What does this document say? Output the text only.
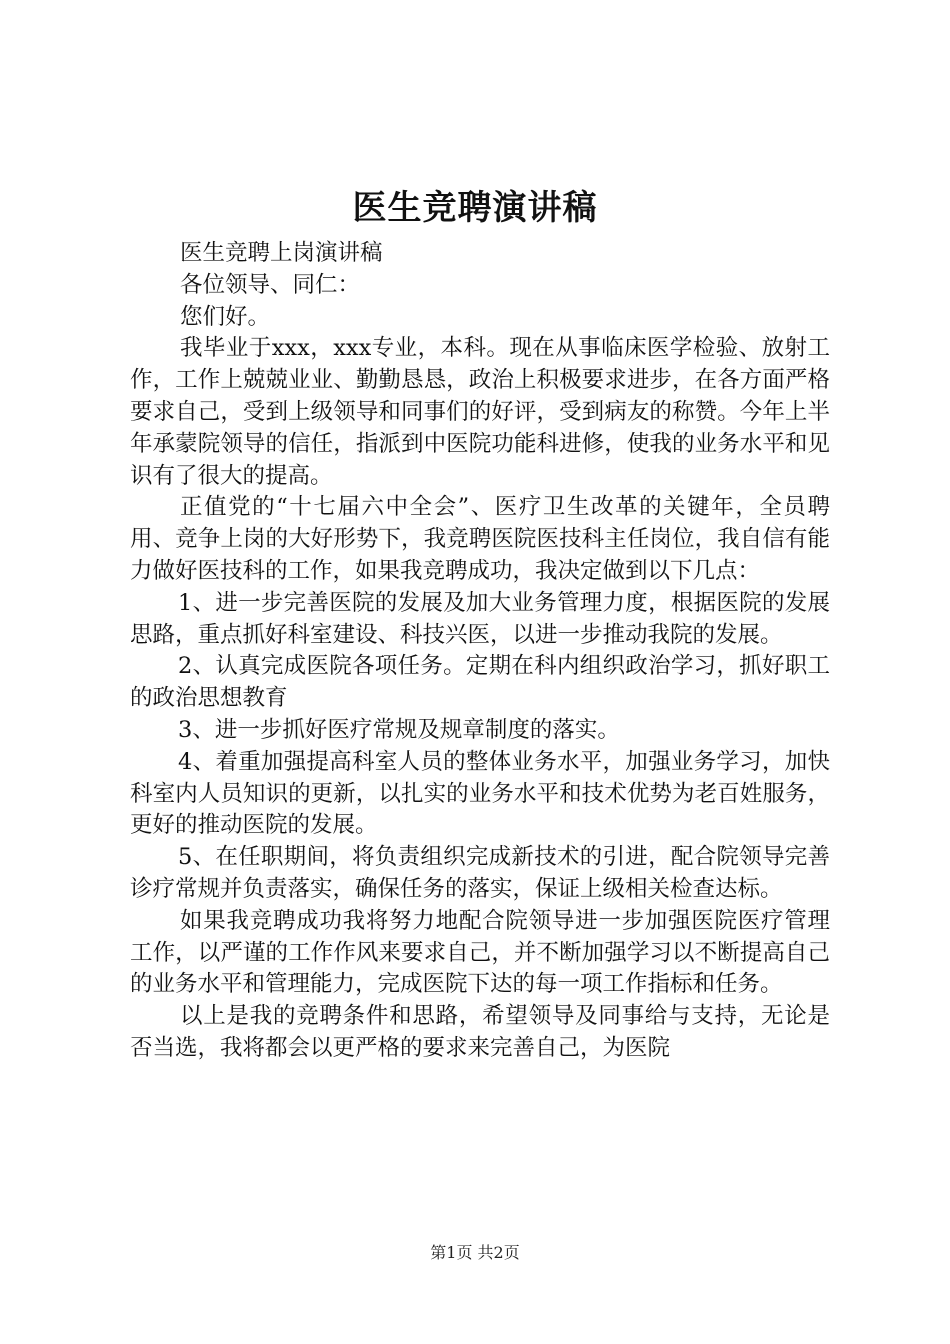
医生竞聘演讲稿

医生竞聘上岗演讲稿

各位领导、同仁：

您们好。

我毕业于xxx，xxx专业，本科。现在从事临床医学检验、放射工作，工作上兢兢业业、勤勤恳恳，政治上积极要求进步，在各方面严格要求自己，受到上级领导和同事们的好评，受到病友的称赞。今年上半年承蒙院领导的信任，指派到中医院功能科进修，使我的业务水平和见识有了很大的提高。

正值党的“十七届六中全会”、医疗卫生改革的关键年，全员聘用、竞争上岗的大好形势下，我竞聘医院医技科主任岗位，我自信有能力做好医技科的工作，如果我竞聘成功，我决定做到以下几点：

1、进一步完善医院的发展及加大业务管理力度，根据医院的发展思路，重点抓好科室建设、科技兴医，以进一步推动我院的发展。

2、认真完成医院各项任务。定期在科内组织政治学习，抓好职工的政治思想教育

3、进一步抓好医疗常规及规章制度的落实。

4、着重加强提高科室人员的整体业务水平，加强业务学习，加快科室内人员知识的更新，以扎实的业务水平和技术优势为老百姓服务，更好的推动医院的发展。

5、在任职期间，将负责组织完成新技术的引进，配合院领导完善诊疗常规并负责落实，确保任务的落实，保证上级相关检查达标。

如果我竞聘成功我将努力地配合院领导进一步加强医院医疗管理工作，以严谨的工作作风来要求自己，并不断加强学习以不断提高自己的业务水平和管理能力，完成医院下达的每一项工作指标和任务。

以上是我的竞聘条件和思路，希望领导及同事给与支持，无论是否当选，我将都会以更严格的要求来完善自己，为医院

第1页 共2页
